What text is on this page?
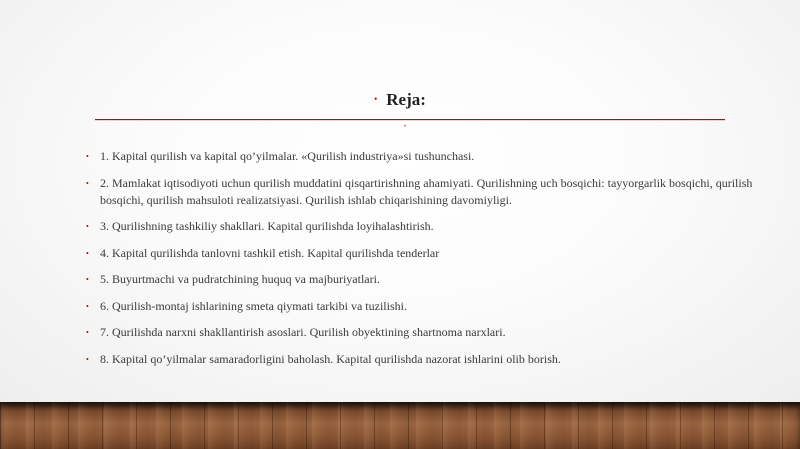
• Reja:
•
• 1. Kapital qurilish va kapital qo’yilmalar. «Qurilish industriya»si tushunchasi.
• 2. Mamlakat iqtisodiyoti uchun qurilish muddatini qisqartirishning ahamiyati. Qurilishning uch bosqichi: tayyorgarlik bosqichi, qurilish bosqichi, qurilish mahsuloti realizatsiyasi. Qurilish ishlab chiqarishining davomiyligi.
• 3. Qurilishning tashkiliy shakllari. Kapital qurilishda loyihalashtirish.
• 4. Kapital qurilishda tanlovni tashkil etish. Kapital qurilishda tenderlar
• 5. Buyurtmachi va pudratchining huquq va majburiyatlari.
• 6. Qurilish-montaj ishlarining smeta qiymati tarkibi va tuzilishi.
• 7. Qurilishda narxni shakllantirish asoslari. Qurilish obyektining shartnoma narxlari.
• 8. Kapital qo’yilmalar samaradorligini baholash. Kapital qurilishda nazorat ishlarini olib borish.
